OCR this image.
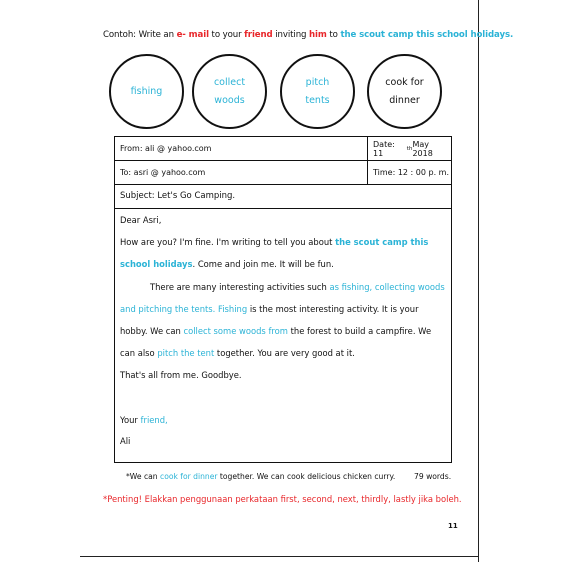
Contoh: Write an e- mail to your friend inviting him to the scout camp this school holidays.
fishing
collect
woods
pitch
tents
cook for
dinner
From: ali @ yahoo.com	Date: 11	th May 2018
To: asri @ yahoo.com	Time: 12 : 00 p. m.
Subject: Let's Go Camping.
Dear Asri,
How are you? I'm fine. I'm writing to tell you about the scout camp this
school holidays. Come and join me. It will be fun.
There are many interesting activities such as fishing, collecting woods
and pitching the tents. Fishing is the most interesting activity. It is your
hobby. We can collect some woods from the forest to build a campfire. We
can also pitch the tent together. You are very good at it.
That's all from me. Goodbye.
Your friend,
Ali
*We can cook for dinner together. We can cook delicious chicken curry. 79 words.
*Penting! Elakkan penggunaan perkataan first, second, next, thirdly, lastly jika boleh.
11
